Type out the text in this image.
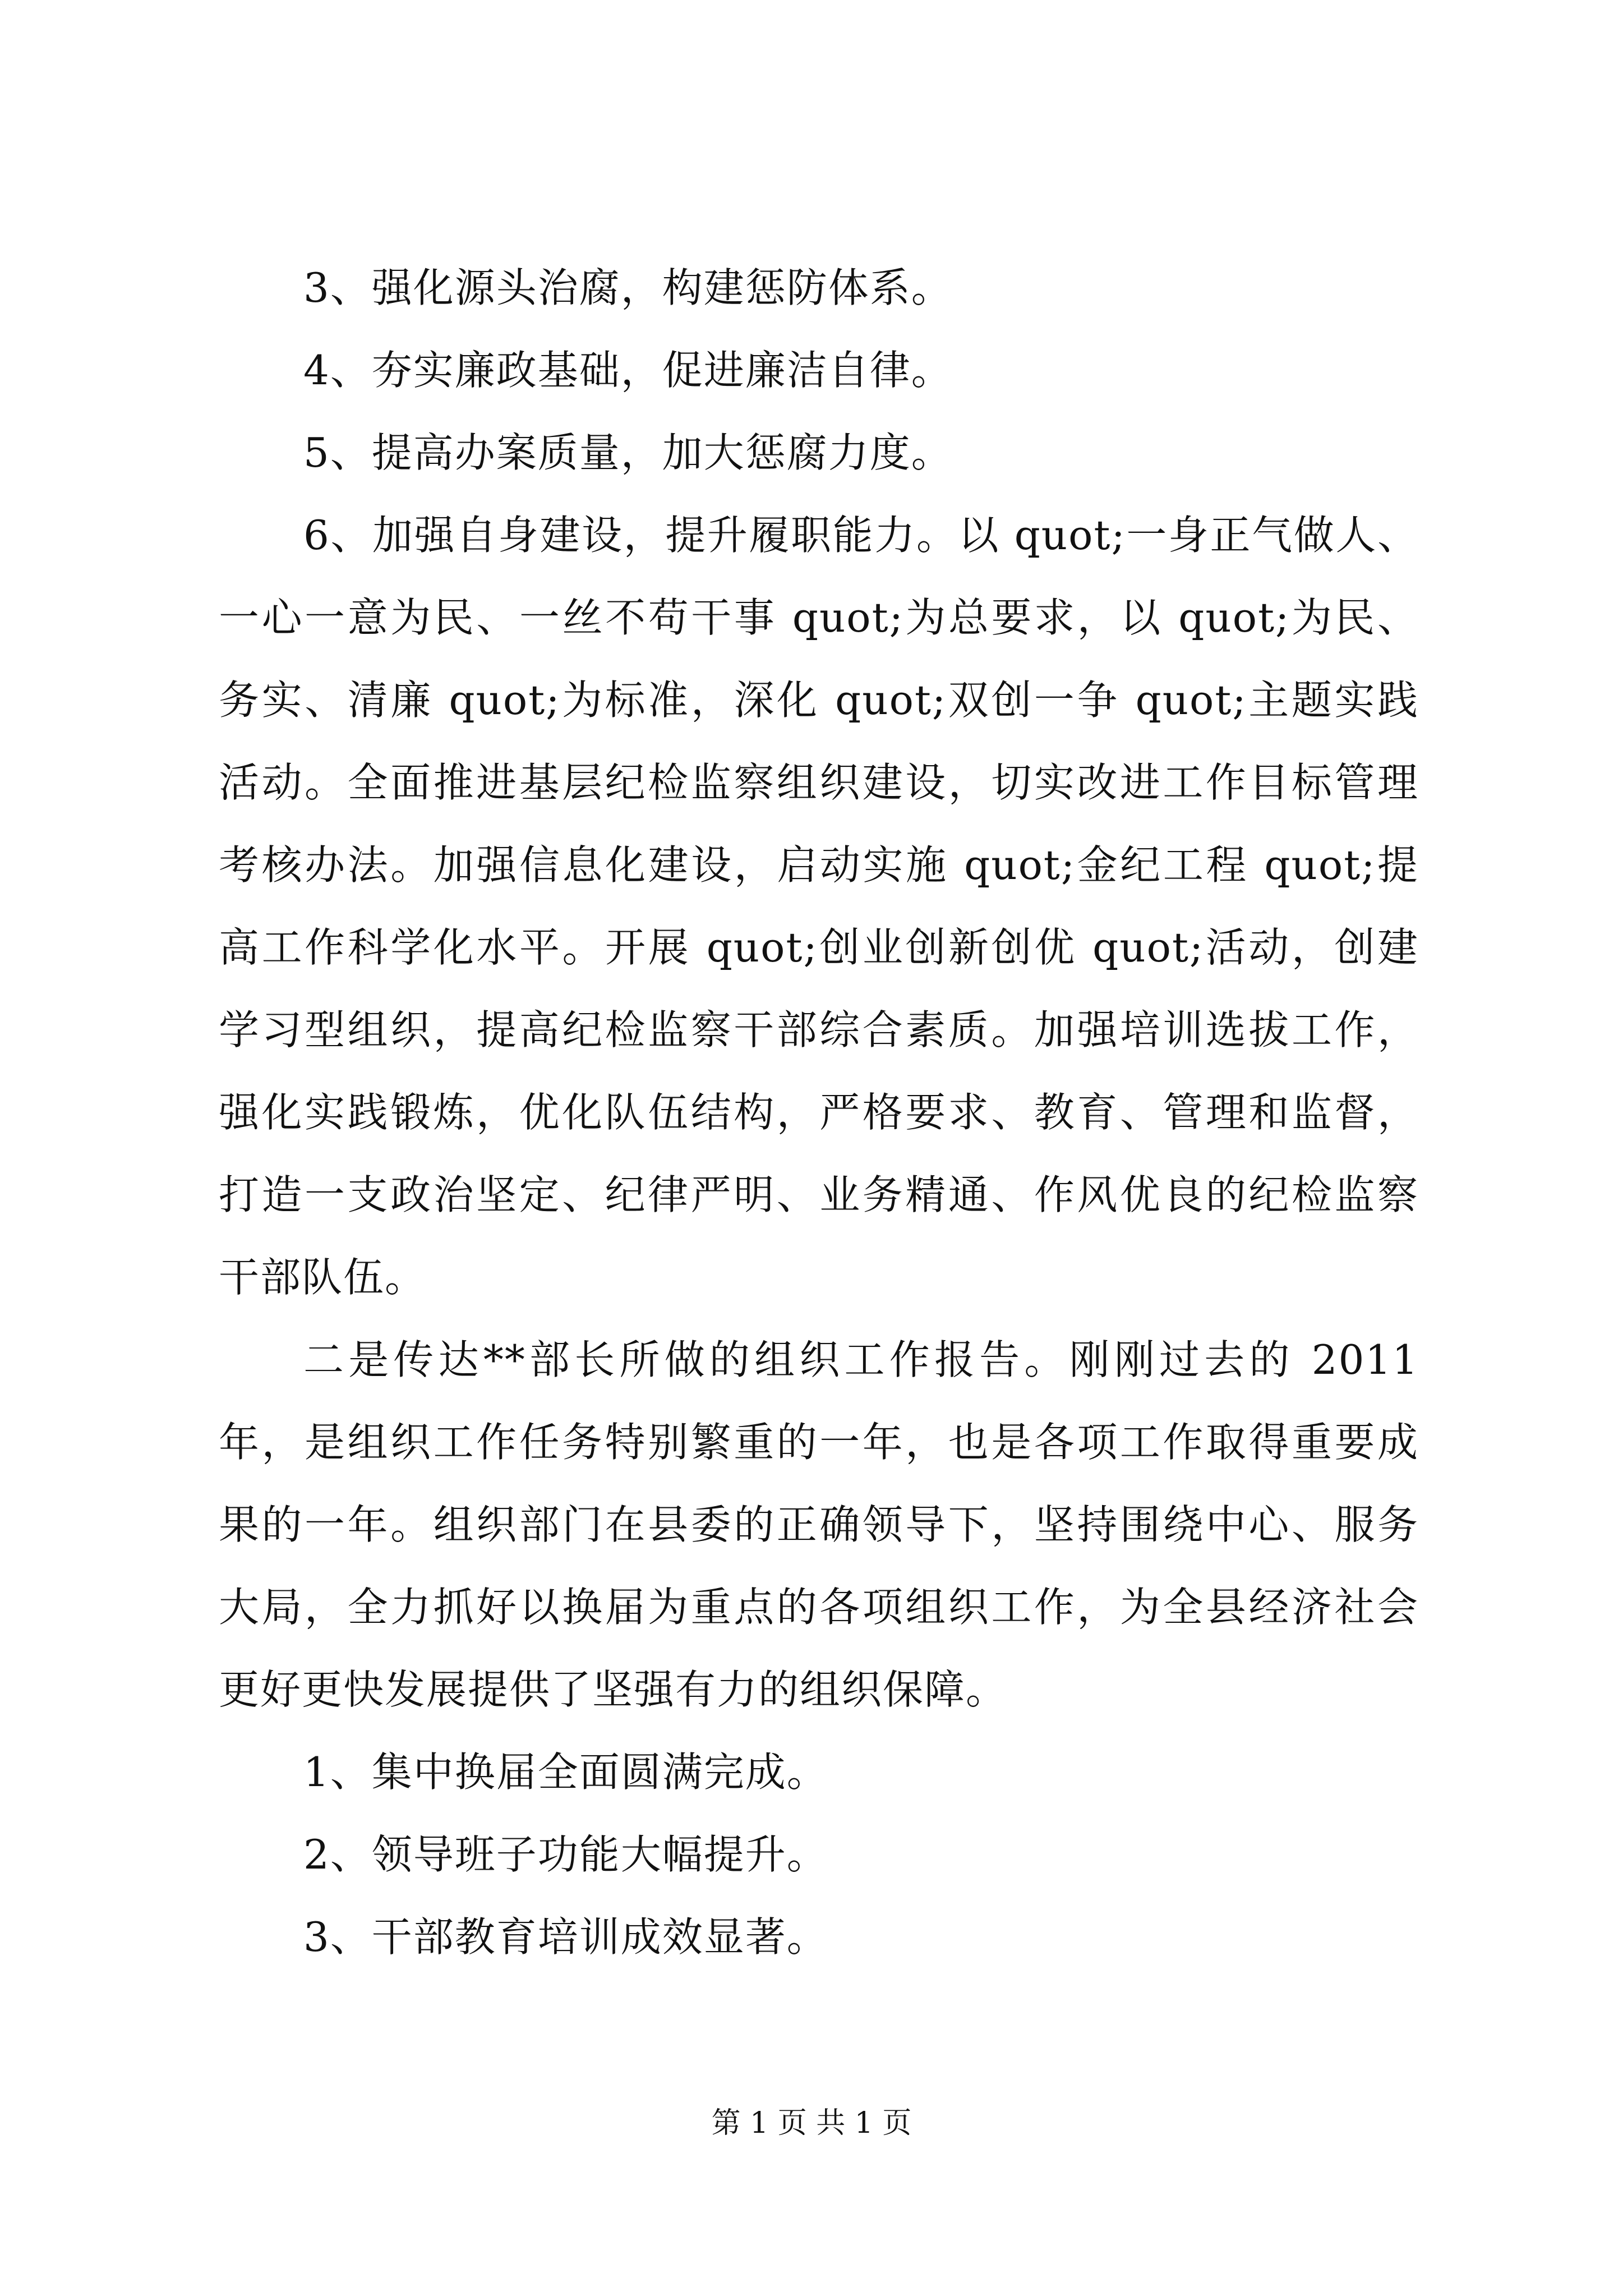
3、强化源头治腐，构建惩防体系。

4、夯实廉政基础，促进廉洁自律。

5、提高办案质量，加大惩腐力度。

6、加强自身建设，提升履职能力。以 quot;一身正气做人、一心一意为民、一丝不苟干事 quot;为总要求，以 quot;为民、务实、清廉 quot;为标准，深化 quot;双创一争 quot;主题实践活动。全面推进基层纪检监察组织建设，切实改进工作目标管理考核办法。加强信息化建设，启动实施 quot;金纪工程 quot;提高工作科学化水平。开展 quot;创业创新创优 quot;活动，创建学习型组织，提高纪检监察干部综合素质。加强培训选拔工作，强化实践锻炼，优化队伍结构，严格要求、教育、管理和监督，打造一支政治坚定、纪律严明、业务精通、作风优良的纪检监察干部队伍。

二是传达**部长所做的组织工作报告。刚刚过去的 2011 年，是组织工作任务特别繁重的一年，也是各项工作取得重要成果的一年。组织部门在县委的正确领导下，坚持围绕中心、服务大局，全力抓好以换届为重点的各项组织工作，为全县经济社会更好更快发展提供了坚强有力的组织保障。

1、集中换届全面圆满完成。

2、领导班子功能大幅提升。

3、干部教育培训成效显著。

第 1 页 共 1 页
